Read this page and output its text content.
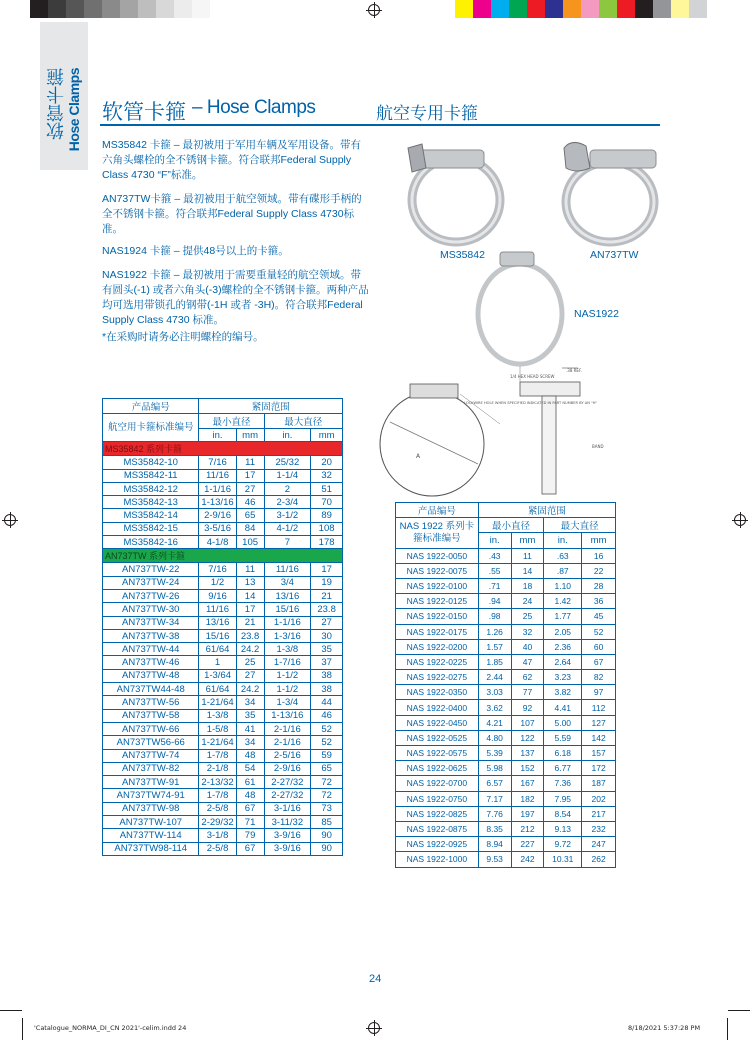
软管卡箍 Hose Clamps 软管卡箍 – Hose Clamps	航空专用卡箍
MS35842 卡箍 – 最初被用于军用车辆及军用设备。带有六角头螺栓的全不锈钢卡箍。符合联邦Federal Supply Class 4730 “F”标准。
AN737TW卡箍 – 最初被用于航空领域。带有碟形手柄的全不锈钢卡箍。符合联邦Federal Supply Class 4730标准。
NAS1924 卡箍 – 提供48号以上的卡箍。
NAS1922 卡箍 – 最初被用于需要重量轻的航空领域。带有圆头(-1) 或者六角头(-3)螺栓的全不锈钢卡箍。两种产品均可选用带锁孔的钢带(-1H 或者 -3H)。符合联邦Federal Supply Class 4730 标准。
*在采购时请务必注明螺栓的编号。
MS35842	AN737TW
NAS1922
1/4 HEX HEAD SCREW
.38 REF.
LOCKWIRE HOLE WHEN SPECIFIED INDICATED IN PART NUMBER BY AN "H"
A
BAND
产品编号	紧固范围			
航空用卡箍标准编号	最小直径		最大直径	
	in.	mm	in.	mm
MS35842 系列卡箍				
MS35842-10	7/16	11	25/32	20
MS35842-11	11/16	17	1-1/4	32
MS35842-12	1-1/16	27	2	51
MS35842-13	1-13/16	46	2-3/4	70
MS35842-14	2-9/16	65	3-1/2	89
MS35842-15	3-5/16	84	4-1/2	108
MS35842-16	4-1/8	105	7	178
AN737TW 系列卡箍				
AN737TW-22	7/16	11	11/16	17
AN737TW-24	1/2	13	3/4	19
AN737TW-26	9/16	14	13/16	21
AN737TW-30	11/16	17	15/16	23.8
AN737TW-34	13/16	21	1-1/16	27
AN737TW-38	15/16	23.8	1-3/16	30
AN737TW-44	61/64	24.2	1-3/8	35
AN737TW-46	1	25	1-7/16	37
AN737TW-48	1-3/64	27	1-1/2	38
AN737TW44-48	61/64	24.2	1-1/2	38
AN737TW-56	1-21/64	34	1-3/4	44
AN737TW-58	1-3/8	35	1-13/16	46
AN737TW-66	1-5/8	41	2-1/16	52
AN737TW56-66	1-21/64	34	2-1/16	52
AN737TW-74	1-7/8	48	2-5/16	59
AN737TW-82	2-1/8	54	2-9/16	65
AN737TW-91	2-13/32	61	2-27/32	72
AN737TW74-91	1-7/8	48	2-27/32	72
AN737TW-98	2-5/8	67	3-1/16	73
AN737TW-107	2-29/32	71	3-11/32	85
AN737TW-114	3-1/8	79	3-9/16	90
AN737TW98-114	2-5/8	67	3-9/16	90
产品编号	紧固范围			
NAS 1922 系列卡箍标准编号	最小直径		最大直径	
	in.	mm	in.	mm
NAS 1922-0050	.43	11	.63	16
NAS 1922-0075	.55	14	.87	22
NAS 1922-0100	.71	18	1.10	28
NAS 1922-0125	.94	24	1.42	36
NAS 1922-0150	.98	25	1.77	45
NAS 1922-0175	1.26	32	2.05	52
NAS 1922-0200	1.57	40	2.36	60
NAS 1922-0225	1.85	47	2.64	67
NAS 1922-0275	2.44	62	3.23	82
NAS 1922-0350	3.03	77	3.82	97
NAS 1922-0400	3.62	92	4.41	112
NAS 1922-0450	4.21	107	5.00	127
NAS 1922-0525	4.80	122	5.59	142
NAS 1922-0575	5.39	137	6.18	157
NAS 1922-0625	5.98	152	6.77	172
NAS 1922-0700	6.57	167	7.36	187
NAS 1922-0750	7.17	182	7.95	202
NAS 1922-0825	7.76	197	8.54	217
NAS 1922-0875	8.35	212	9.13	232
NAS 1922-0925	8.94	227	9.72	247
NAS 1922-1000	9.53	242	10.31	262
24
'Catalogue_NORMA_DI_CN 2021'-celim.indd 24	8/18/2021 5:37:28 PM
